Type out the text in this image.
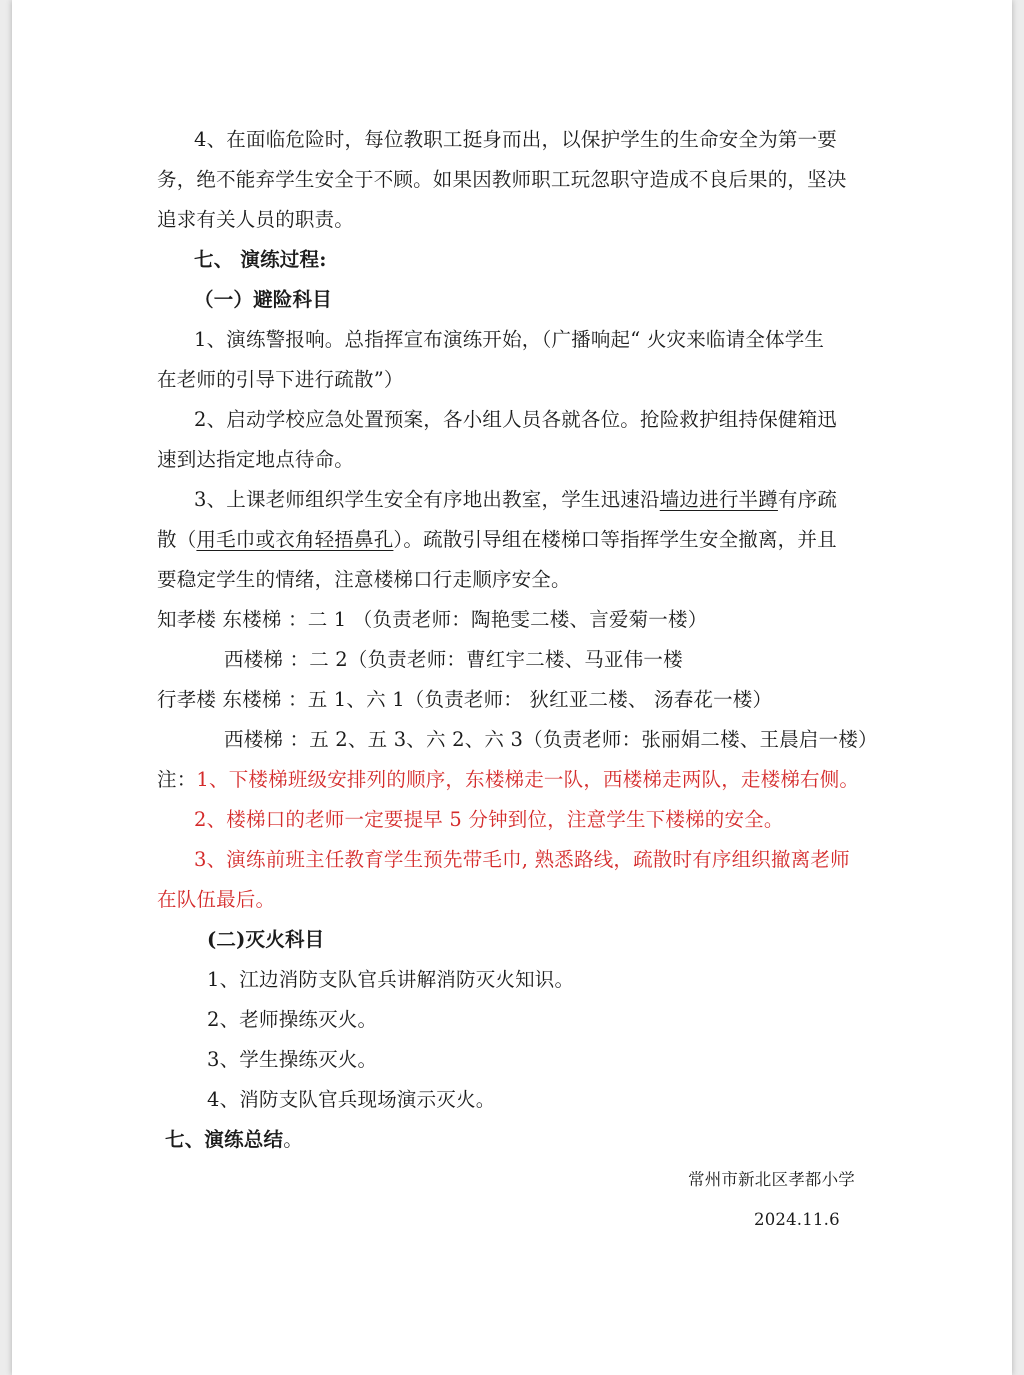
4、在面临危险时，每位教职工挺身而出，以保护学生的生命安全为第一要

务，绝不能弃学生安全于不顾。如果因教师职工玩忽职守造成不良后果的，坚决

追求有关人员的职责。

七、 演练过程:

（一）避险科目

1、演练警报响。总指挥宣布演练开始，（广播响起“ 火灾来临请全体学生

在老师的引导下进行疏散”）

2、启动学校应急处置预案，各小组人员各就各位。抢险救护组持保健箱迅

速到达指定地点待命。

3、上课老师组织学生安全有序地出教室，学生迅速沿墙边进行半蹲有序疏

散（用毛巾或衣角轻捂鼻孔）。疏散引导组在楼梯口等指挥学生安全撤离，并且

要稳定学生的情绪，注意楼梯口行走顺序安全。

知孝楼 东楼梯 ：二 1 （负责老师：陶艳雯二楼、言爱菊一楼）

西楼梯 ：二 2（负责老师：曹红宇二楼、马亚伟一楼

行孝楼 东楼梯 ：五 1、六 1（负责老师： 狄红亚二楼、 汤春花一楼）

西楼梯 ：五 2、五 3、六 2、六 3（负责老师：张丽娟二楼、王晨启一楼）

注：1、下楼梯班级安排列的顺序，东楼梯走一队，西楼梯走两队，走楼梯右侧。

2、楼梯口的老师一定要提早 5 分钟到位，注意学生下楼梯的安全。

3、演练前班主任教育学生预先带毛巾, 熟悉路线，疏散时有序组织撤离老师

在队伍最后。

(二)灭火科目

1、江边消防支队官兵讲解消防灭火知识。

2、老师操练灭火。

3、学生操练灭火。

4、消防支队官兵现场演示灭火。

七、演练总结。

常州市新北区孝都小学

2024.11.6
